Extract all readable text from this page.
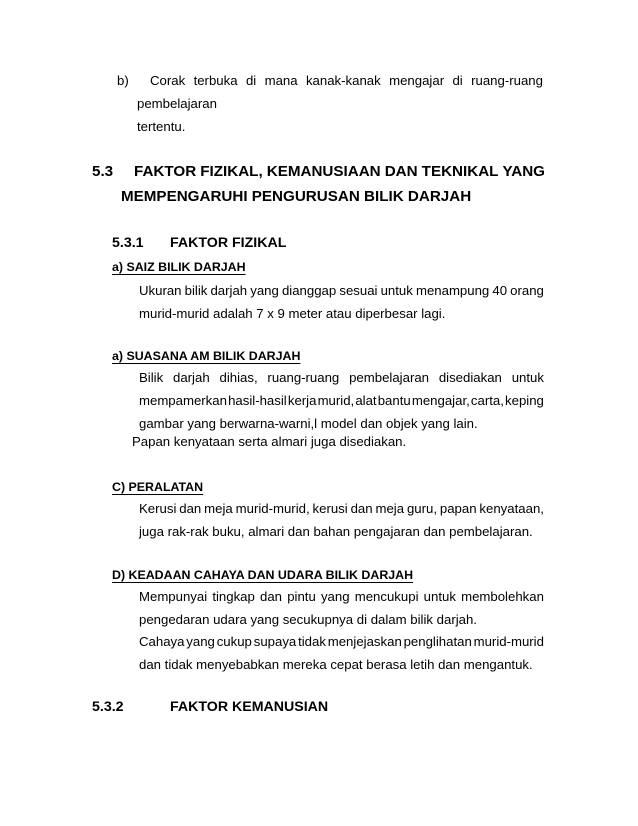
b) Corak terbuka di mana kanak-kanak mengajar di ruang-ruang
pembelajaran
tertentu.
5.3 FAKTOR FIZIKAL, KEMANUSIAAN DAN TEKNIKAL YANG
MEMPENGARUHI PENGURUSAN BILIK DARJAH
5.3.1 FAKTOR FIZIKAL
a) SAIZ BILIK DARJAH
Ukuran bilik darjah yang dianggap sesuai untuk menampung 40 orang
murid-murid adalah 7 x 9 meter atau diperbesar lagi.
a) SUASANA AM BILIK DARJAH
Bilik darjah dihias, ruang-ruang pembelajaran disediakan untuk
mempamerkan hasil-hasil kerja murid, alat bantu mengajar, carta, keping
gambar yang berwarna-warni,l model dan objek yang lain.
Papan kenyataan serta almari juga disediakan.
C) PERALATAN
Kerusi dan meja murid-murid, kerusi dan meja guru, papan kenyataan,
juga rak-rak buku, almari dan bahan pengajaran dan pembelajaran.
D) KEADAAN CAHAYA DAN UDARA BILIK DARJAH
Mempunyai tingkap dan pintu yang mencukupi untuk membolehkan
pengedaran udara yang secukupnya di dalam bilik darjah.
Cahaya yang cukup supaya tidak menjejaskan penglihatan murid-murid
dan tidak menyebabkan mereka cepat berasa letih dan mengantuk.
5.3.2	FAKTOR KEMANUSIAN
